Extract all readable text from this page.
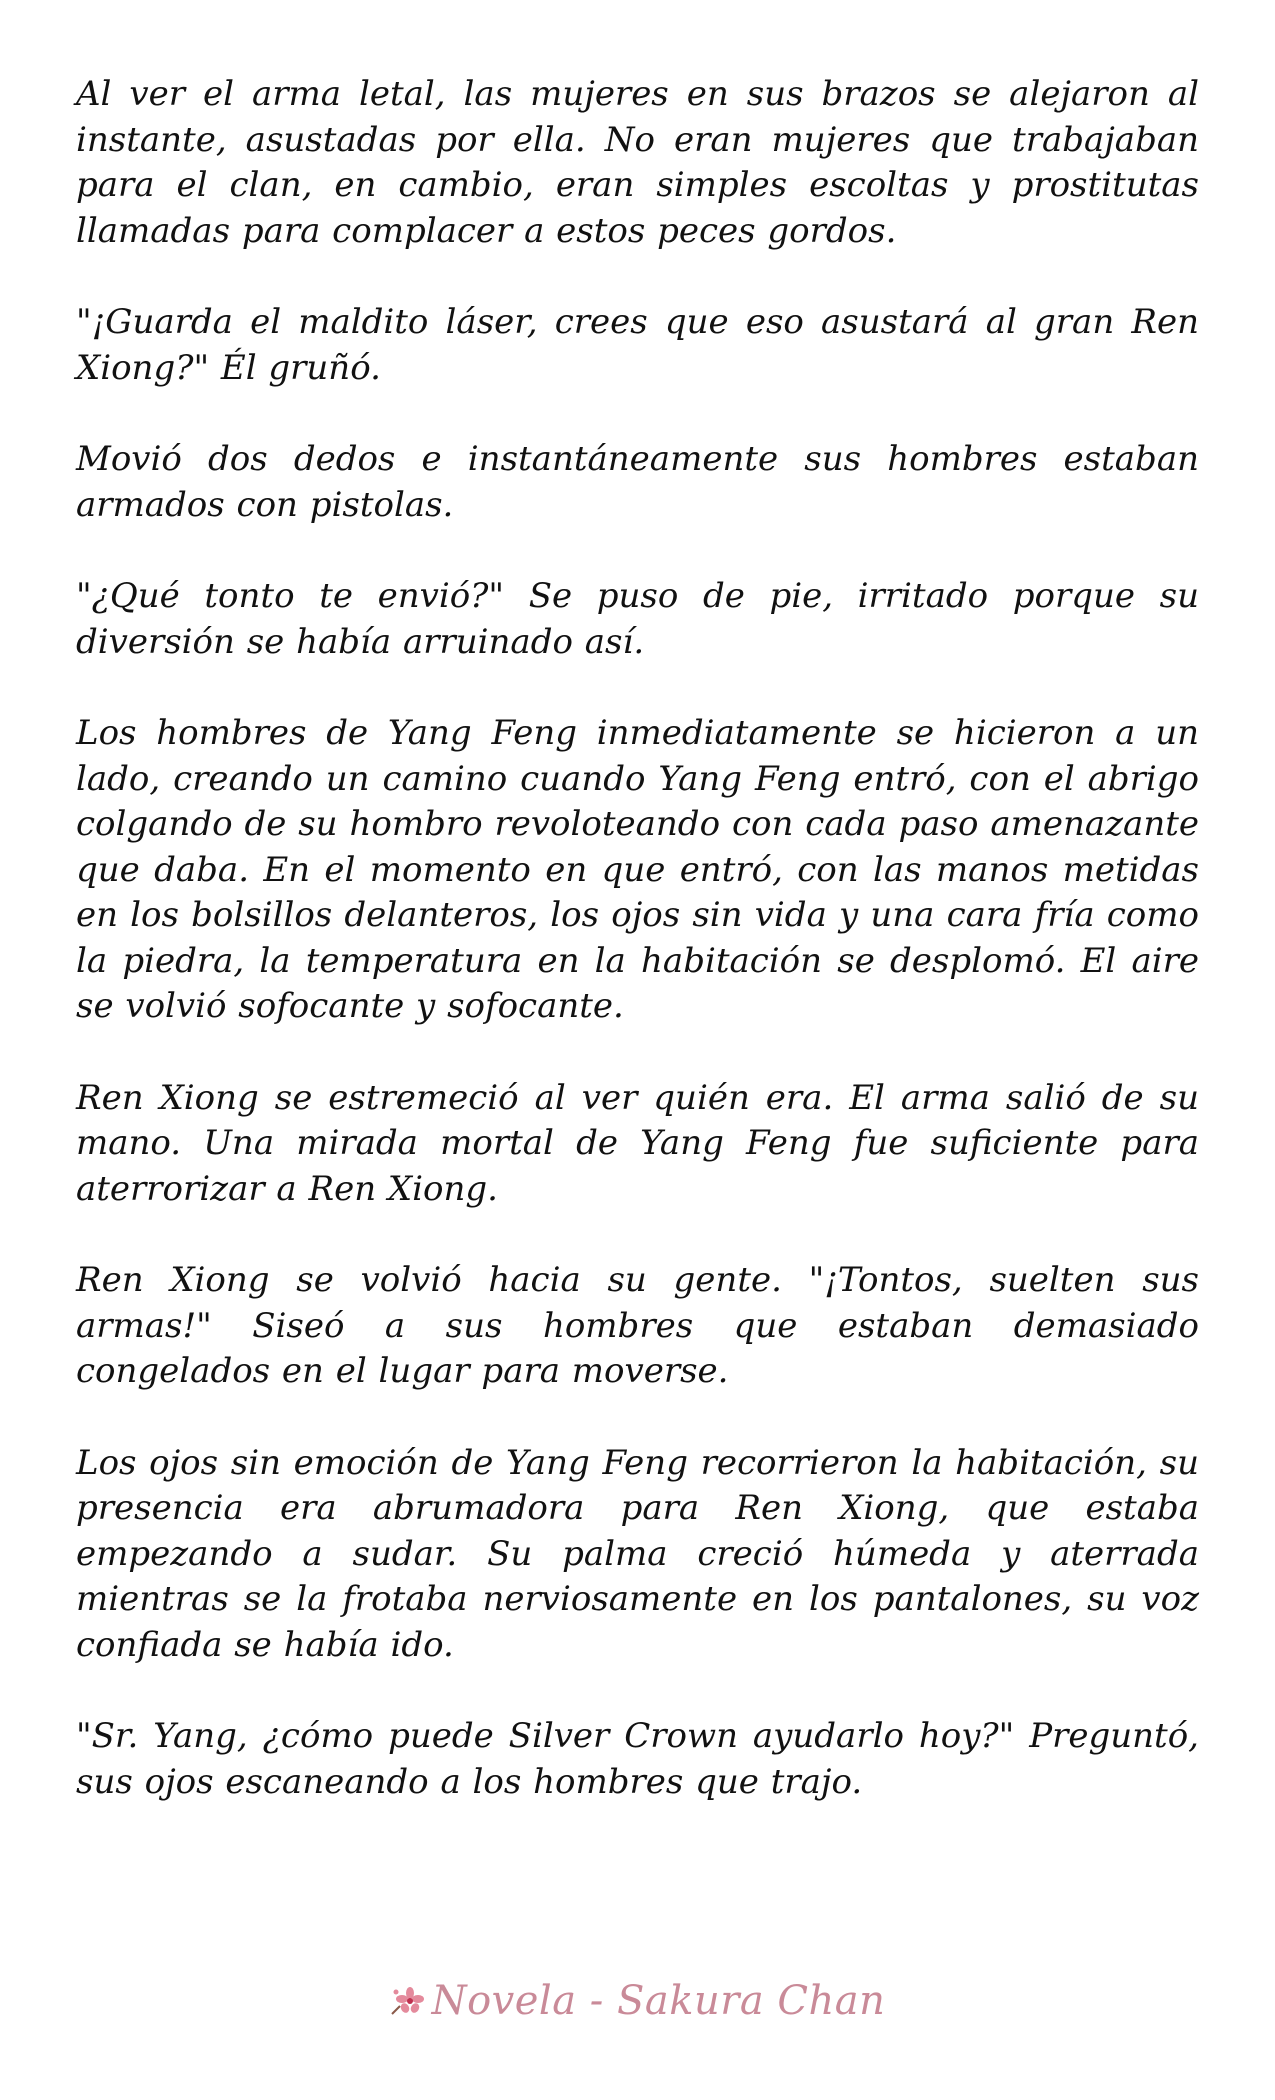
Al ver el arma letal, las mujeres en sus brazos se alejaron al instante, asustadas por ella. No eran mujeres que trabajaban para el clan, en cambio, eran simples escoltas y prostitutas llamadas para complacer a estos peces gordos.

"¡Guarda el maldito láser, crees que eso asustará al gran Ren Xiong?" Él gruñó.

Movió dos dedos e instantáneamente sus hombres estaban armados con pistolas.

"¿Qué tonto te envió?" Se puso de pie, irritado porque su diversión se había arruinado así.

Los hombres de Yang Feng inmediatamente se hicieron a un lado, creando un camino cuando Yang Feng entró, con el abrigo colgando de su hombro revoloteando con cada paso amenazante que daba. En el momento en que entró, con las manos metidas en los bolsillos delanteros, los ojos sin vida y una cara fría como la piedra, la temperatura en la habitación se desplomó. El aire se volvió sofocante y sofocante.

Ren Xiong se estremeció al ver quién era. El arma salió de su mano. Una mirada mortal de Yang Feng fue suficiente para aterrorizar a Ren Xiong.

Ren Xiong se volvió hacia su gente. "¡Tontos, suelten sus armas!" Siseó a sus hombres que estaban demasiado congelados en el lugar para moverse.

Los ojos sin emoción de Yang Feng recorrieron la habitación, su presencia era abrumadora para Ren Xiong, que estaba empezando a sudar. Su palma creció húmeda y aterrada mientras se la frotaba nerviosamente en los pantalones, su voz confiada se había ido.

"Sr. Yang, ¿cómo puede Silver Crown ayudarlo hoy?" Preguntó, sus ojos escaneando a los hombres que trajo.

Novela - Sakura Chan
